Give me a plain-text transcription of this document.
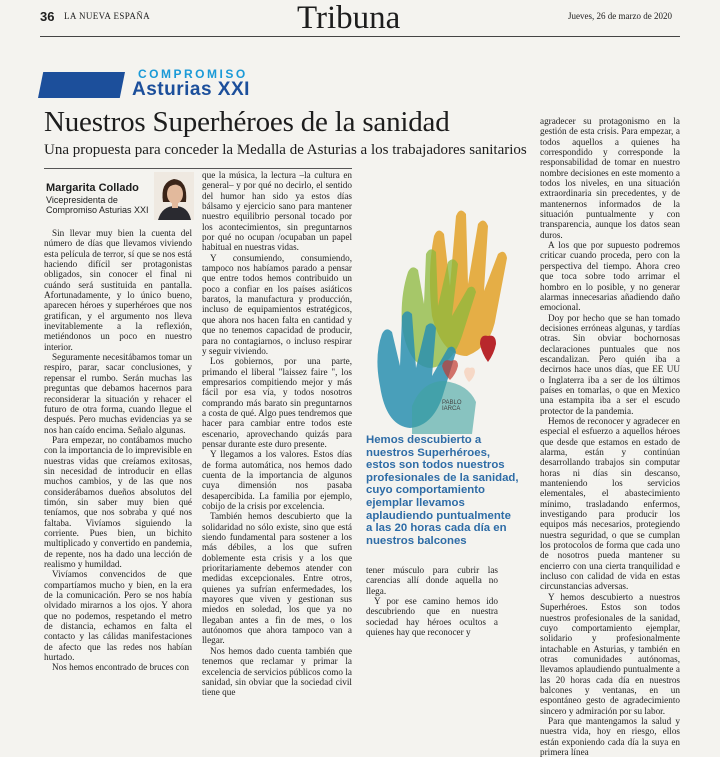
36 LA NUEVA ESPAÑA	Tribuna	Jueves, 26 de marzo de 2020
COMPROMISO
Asturias XXI
Nuestros Superhéroes de la sanidad
Una propuesta para conceder la Medalla de Asturias a los trabajadores sanitarios
Margarita Collado
Vicepresidenta de Compromiso Asturias XXI

Sin llevar muy bien la cuenta del número de días que llevamos viviendo esta película de terror, sí que se nos está haciendo difícil ser protagonistas obligados, sin conocer el final ni cuándo será sustituida en pantalla. Afortunadamente, y lo único bueno, aparecen héroes y superhéroes que nos gratifican, y el argumento nos lleva inevitablemente a la reflexión, metiéndonos un poco en nuestro interior.

Seguramente necesitábamos tomar un respiro, parar, sacar conclusiones, y repensar el rumbo. Serán muchas las preguntas que debamos hacernos para reconsiderar la situación y rehacer el futuro de otra forma, cuando llegue el después. Pero muchas evidencias ya se nos han caído encima. Señalo algunas.

Para empezar, no contábamos mucho con la importancia de lo imprevisible en nuestras vidas que creíamos exitosas, sin necesidad de introducir en ellas muchos cambios, y de las que nos considerábamos dueños absolutos del timón, sin saber muy bien qué teníamos, que nos sobraba y qué nos faltaba. Vivíamos siguiendo la corriente. Pues bien, un bichito multiplicado y convertido en pandemia, de repente, nos ha dado una lección de realismo y humildad.

Vivíamos convencidos de que compartíamos mucho y bien, en la era de la comunicación. Pero se nos había olvidado mirarnos a los ojos. Y ahora que no podemos, respetando el metro de distancia, echamos en falta el contacto y las cálidas manifestaciones de afecto que las redes nos habían hurtado.

Nos hemos encontrado de bruces con

que la música, la lectura –la cultura en general– y por qué no decirlo, el sentido del humor han sido ya estos días bálsamo y ejercicio sano para mantener nuestro equilibrio personal tocado por los acontecimientos, sin preguntarnos por qué no ocupan /ocupaban un papel habitual en nuestras vidas.

Y consumiendo, consumiendo, tampoco nos habíamos parado a pensar que entre todos hemos contribuido un poco a confiar en los países asiáticos baratos, la manufactura y producción, incluso de equipamientos estratégicos, que ahora nos hacen falta en cantidad y que no tenemos capacidad de producir, para no contagiarnos, o incluso respirar y seguir viviendo.

Los gobiernos, por una parte, primando el liberal "laissez faire ", los empresarios compitiendo mejor y más fácil por esa vía, y todos nosotros comprando más barato sin preguntarnos a costa de qué. Algo pues tendremos que hacer para cambiar entre todos este escenario, aprovechando quizás para pensar durante este duro presente.

Y llegamos a los valores. Estos días de forma automática, nos hemos dado cuenta de la importancia de algunos cuya dimensión nos pasaba desapercibida. La familia por ejemplo, cobijo de la crisis por excelencia.

También hemos descubierto que la solidaridad no sólo existe, sino que está siendo fundamental para sostener a los más débiles, a los que sufren doblemente esta crisis y a los que prioritariamente debemos atender con medidas excepcionales. Entre otros, quienes ya sufrían enfermedades, los mayores que viven y gestionan sus miedos en soledad, los que ya no llegaban antes a fin de mes, o los autónomos que ahora tampoco van a llegar.

Nos hemos dado cuenta también que tenemos que reclamar y primar la excelencia de servicios públicos como la sanidad, sin obviar que la sociedad civil tiene que

PABLO IARCA
Hemos descubierto a nuestros Superhéroes, estos son todos nuestros profesionales de la sanidad, cuyo comportamiento ejemplar llevamos aplaudiendo puntualmente a las 20 horas cada día en nuestros balcones

tener músculo para cubrir las carencias allí donde aquella no llega.

Y por ese camino hemos ido descubriendo que en nuestra sociedad hay héroes ocultos a quienes hay que reconocer y

agradecer su protagonismo en la gestión de esta crisis. Para empezar, a todos aquellos a quienes ha correspondido y corresponde la responsabilidad de tomar en nuestro nombre decisiones en este momento a todos los niveles, en una situación extraordinaria sin precedentes, y de mantenernos informados de la situación puntualmente y con transparencia, aunque los datos sean duros.

A los que por supuesto podremos criticar cuando proceda, pero con la perspectiva del tiempo. Ahora creo que toca sobre todo arrimar el hombro en lo posible, y no generar alarmas innecesarias añadiendo daño emocional.

Doy por hecho que se han tomado decisiones erróneas algunas, y tardías otras. Sin obviar bochornosas declaraciones puntuales que nos escandalizan. Pero quién iba a decirnos hace unos días, que EE UU o Inglaterra iba a ser de los últimos países en tomarlas, o que en Mexico una estampita iba a ser el escudo protector de la pandemia.

Hemos de reconocer y agradecer en especial el esfuerzo a aquellos héroes que desde que estamos en estado de alarma, están y continúan desarrollando trabajos sin computar horas ni días sin descanso, manteniendo los servicios elementales, el abastecimiento mínimo, trasladando enfermos, investigando para producir los equipos más necesarios, protegiendo nuestra seguridad, o que se cumplan los protocolos de forma que cada uno de nosotros pueda mantener su encierro con una cierta tranquilidad e incluso con calidad de vida en estas circunstancias adversas.

Y hemos descubierto a nuestros Superhéroes. Estos son todos nuestros profesionales de la sanidad, cuyo comportamiento ejemplar, solidario y profesionalmente intachable en Asturias, y también en otras comunidades autónomas, llevamos aplaudiendo puntualmente a las 20 horas cada día en nuestros balcones y ventanas, en un espontáneo gesto de agradecimiento sincero y admiración por su labor.

Para que mantengamos la salud y nuestra vida, hoy en riesgo, ellos están exponiendo cada día la suya en primera línea
